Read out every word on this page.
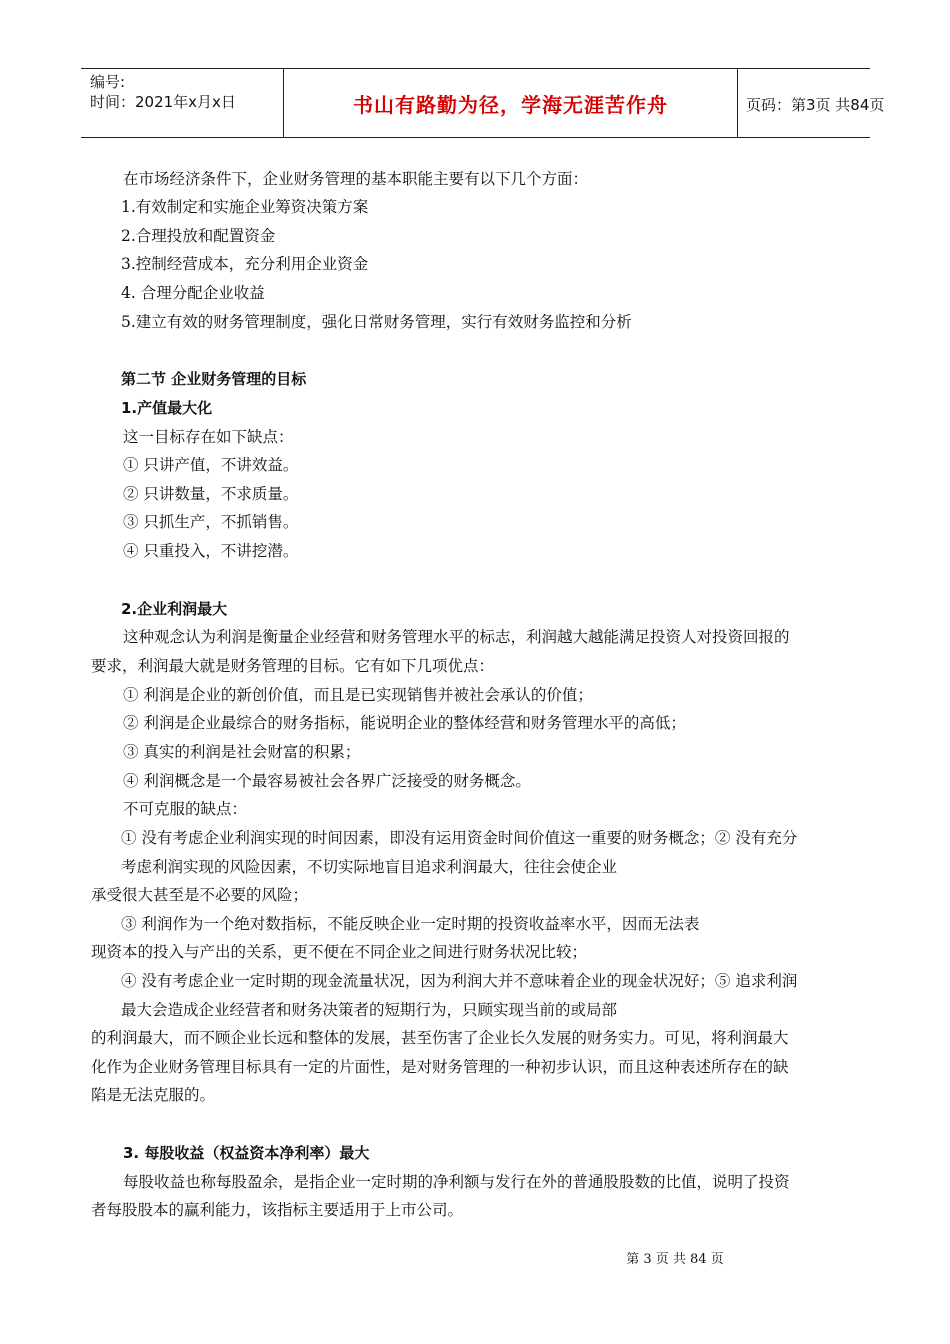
编号:
时间：2021年x月x日	书山有路勤为径，学海无涯苦作舟	页码：第3页 共84页
在市场经济条件下，企业财务管理的基本职能主要有以下几个方面：
1.有效制定和实施企业筹资决策方案
2.合理投放和配置资金
3.控制经营成本，充分利用企业资金
4. 合理分配企业收益
5.建立有效的财务管理制度，强化日常财务管理，实行有效财务监控和分析
第二节 企业财务管理的目标
1.产值最大化
这一目标存在如下缺点：
① 只讲产值，不讲效益。
② 只讲数量，不求质量。
③ 只抓生产，不抓销售。
④ 只重投入，不讲挖潜。
2.企业利润最大
这种观念认为利润是衡量企业经营和财务管理水平的标志，利润越大越能满足投资人对投资回报的
要求，利润最大就是财务管理的目标。它有如下几项优点：
① 利润是企业的新创价值，而且是已实现销售并被社会承认的价值；
② 利润是企业最综合的财务指标，能说明企业的整体经营和财务管理水平的高低；
③ 真实的利润是社会财富的积累；
④ 利润概念是一个最容易被社会各界广泛接受的财务概念。
不可克服的缺点：
① 没有考虑企业利润实现的时间因素，即没有运用资金时间价值这一重要的财务概念；② 没有充分
考虑利润实现的风险因素，不切实际地盲目追求利润最大，往往会使企业
承受很大甚至是不必要的风险；
③ 利润作为一个绝对数指标，不能反映企业一定时期的投资收益率水平，因而无法表
现资本的投入与产出的关系，更不便在不同企业之间进行财务状况比较；
④ 没有考虑企业一定时期的现金流量状况，因为利润大并不意味着企业的现金状况好；⑤ 追求利润
最大会造成企业经营者和财务决策者的短期行为，只顾实现当前的或局部
的利润最大，而不顾企业长远和整体的发展，甚至伤害了企业长久发展的财务实力。可见，将利润最大
化作为企业财务管理目标具有一定的片面性，是对财务管理的一种初步认识，而且这种表述所存在的缺
陷是无法克服的。
3. 每股收益（权益资本净利率）最大
每股收益也称每股盈余，是指企业一定时期的净利额与发行在外的普通股股数的比值，说明了投资
者每股股本的赢利能力，该指标主要适用于上市公司。
第 3 页 共 84 页
